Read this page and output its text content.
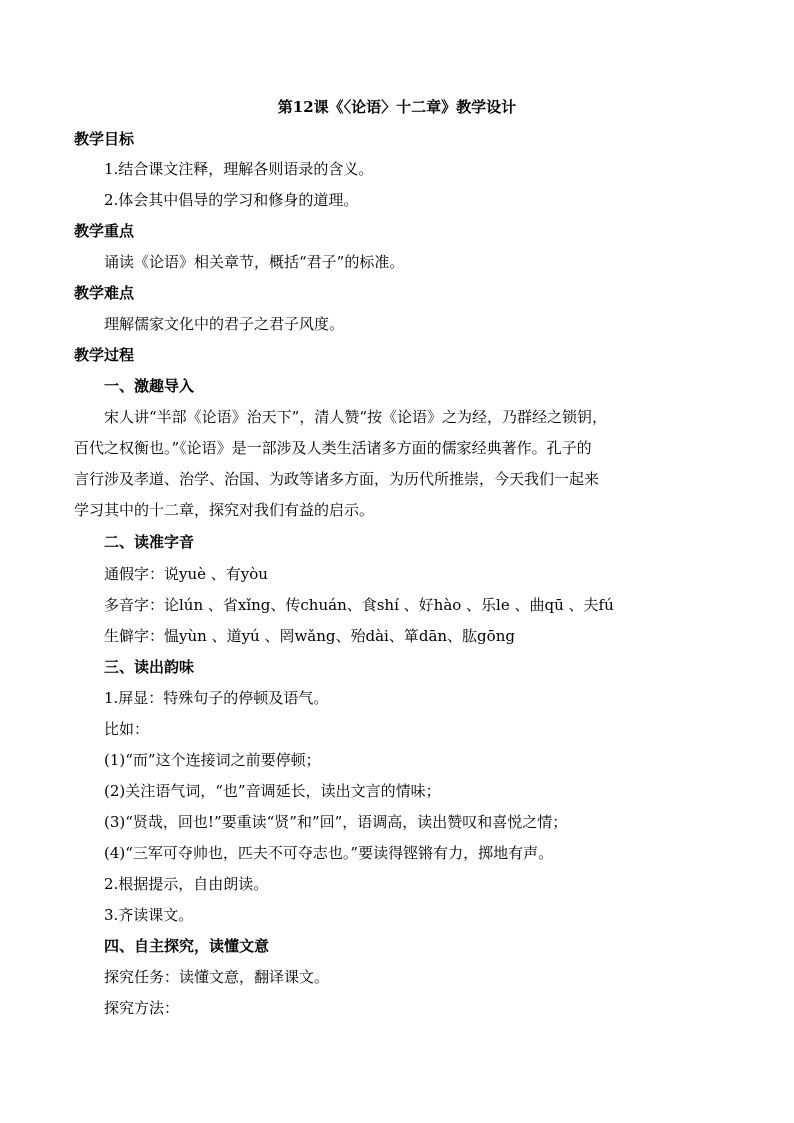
第12课《〈论语〉十二章》教学设计
教学目标
1.结合课文注释，理解各则语录的含义。
2.体会其中倡导的学习和修身的道理。
教学重点
诵读《论语》相关章节，概括“君子”的标准。
教学难点
理解儒家文化中的君子之君子风度。
教学过程
一、激趣导入
宋人讲“半部《论语》治天下”，清人赞“按《论语》之为经，乃群经之锁钥，
百代之权衡也。”《论语》是一部涉及人类生活诸多方面的儒家经典著作。孔子的
言行涉及孝道、治学、治国、为政等诸多方面，为历代所推崇，今天我们一起来
学习其中的十二章，探究对我们有益的启示。
二、读准字音
通假字：说yuè 、有yòu
多音字：论lún 、省xǐng、传chuán、食shí 、好hào 、乐le 、曲qū 、夫fú
生僻字：愠yùn 、道yú 、罔wǎng、殆dài、箪dān、肱gōng
三、读出韵味
1.屏显：特殊句子的停顿及语气。
比如：
(1)“而”这个连接词之前要停顿；
(2)关注语气词，“也”音调延长，读出文言的情味；
(3)“贤哉，回也!”要重读“贤”和”回”，语调高，读出赞叹和喜悦之情；
(4)“三军可夺帅也，匹夫不可夺志也。”要读得铿锵有力，掷地有声。
2.根据提示，自由朗读。
3.齐读课文。
四、自主探究，读懂文意
探究任务：读懂文意，翻译课文。
探究方法：
